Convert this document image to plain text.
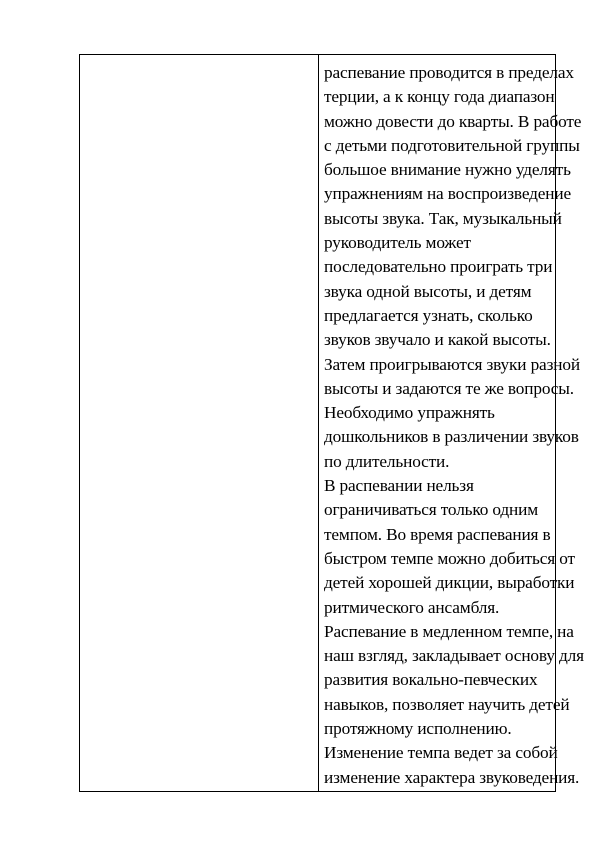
распевание проводится в пределах
терции, а к концу года диапазон
можно довести до кварты. В работе
с детьми подготовительной группы
большое внимание нужно уделять
упражнениям на воспроизведение
высоты звука. Так, музыкальный
руководитель может
последовательно проиграть три
звука одной высоты, и детям
предлагается узнать, сколько
звуков звучало и какой высоты.
Затем проигрываются звуки разной
высоты и задаются те же вопросы.
Необходимо упражнять
дошкольников в различении звуков
по длительности.
В распевании нельзя
ограничиваться только одним
темпом. Во время распевания в
быстром темпе можно добиться от
детей хорошей дикции, выработки
ритмического ансамбля.
Распевание в медленном темпе, на
наш взгляд, закладывает основу для
развития вокально-певческих
навыков, позволяет научить детей
протяжному исполнению.
Изменение темпа ведет за собой
изменение характера звуковедения.
